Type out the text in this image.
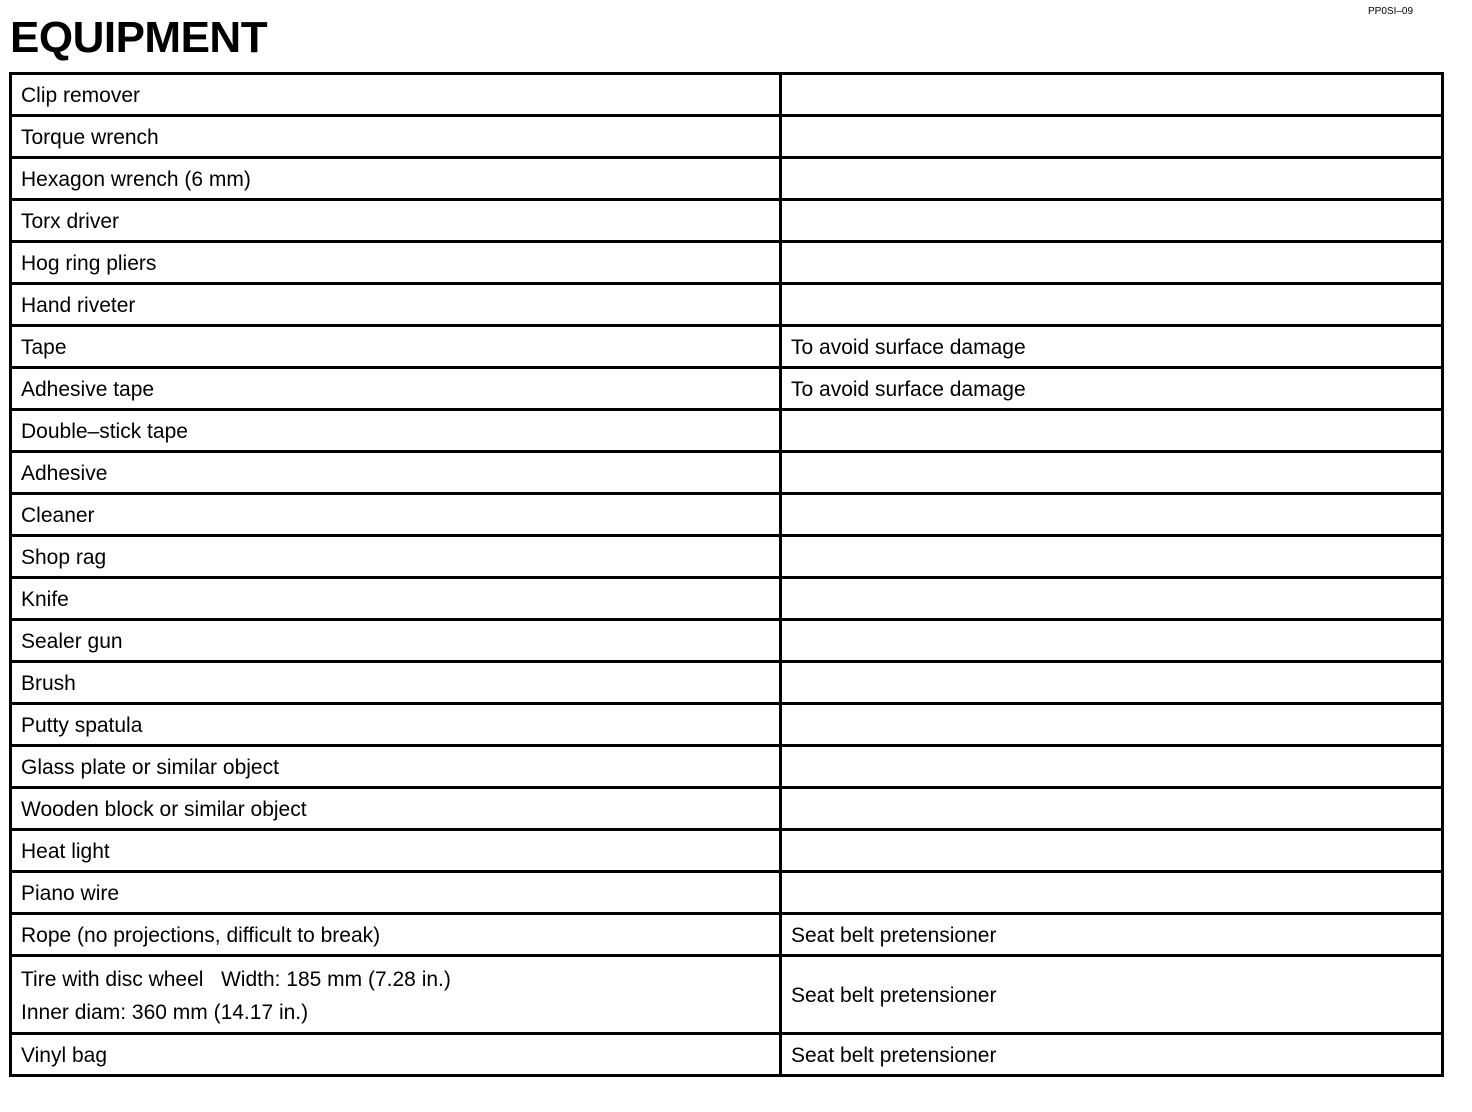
EQUIPMENT
PP0SI–09
Clip remover	
Torque wrench	
Hexagon wrench (6 mm)	
Torx driver	
Hog ring pliers	
Hand riveter	
Tape	To avoid surface damage
Adhesive tape	To avoid surface damage
Double–stick tape	
Adhesive	
Cleaner	
Shop rag	
Knife	
Sealer gun	
Brush	
Putty spatula	
Glass plate or similar object	
Wooden block or similar object	
Heat light	
Piano wire	
Rope (no projections, difficult to break)	Seat belt pretensioner

Tire with disc wheel   Width: 185 mm (7.28 in.)
Inner diam: 360 mm (14.17 in.)	Seat belt pretensioner
Vinyl bag	Seat belt pretensioner
